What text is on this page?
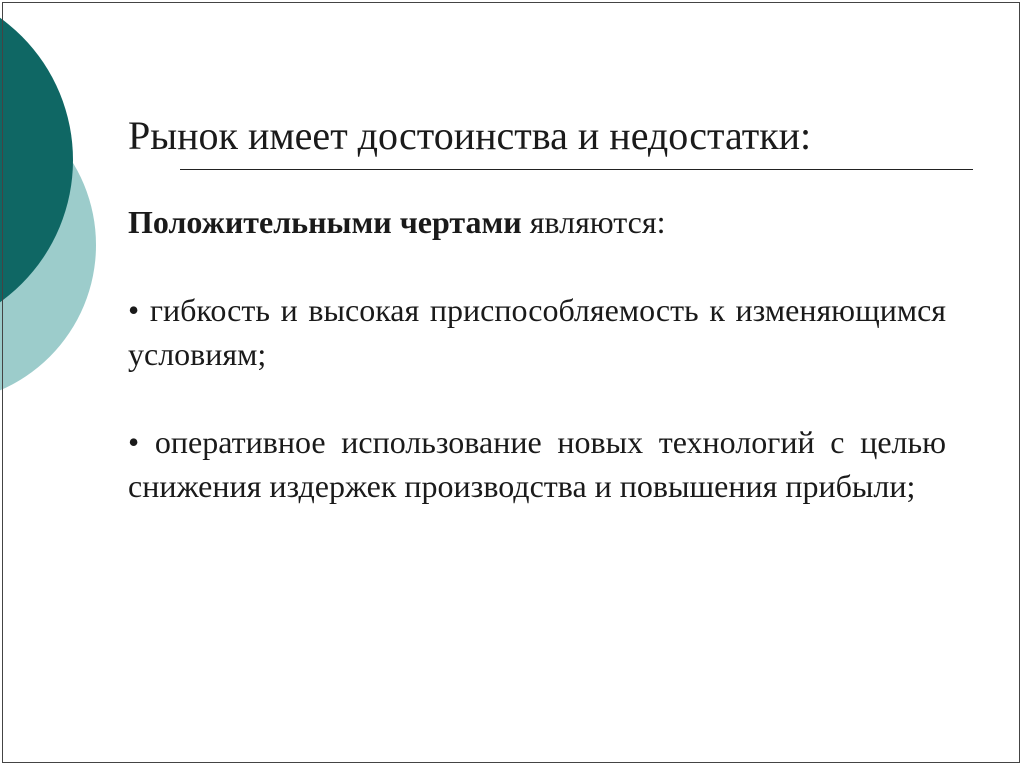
Рынок имеет достоинства и недостатки:

Положительными чертами являются:

• гибкость и высокая приспособляемость к изменяющимся условиям;

• оперативное использование новых технологий с целью снижения издержек производства и повышения прибыли;
